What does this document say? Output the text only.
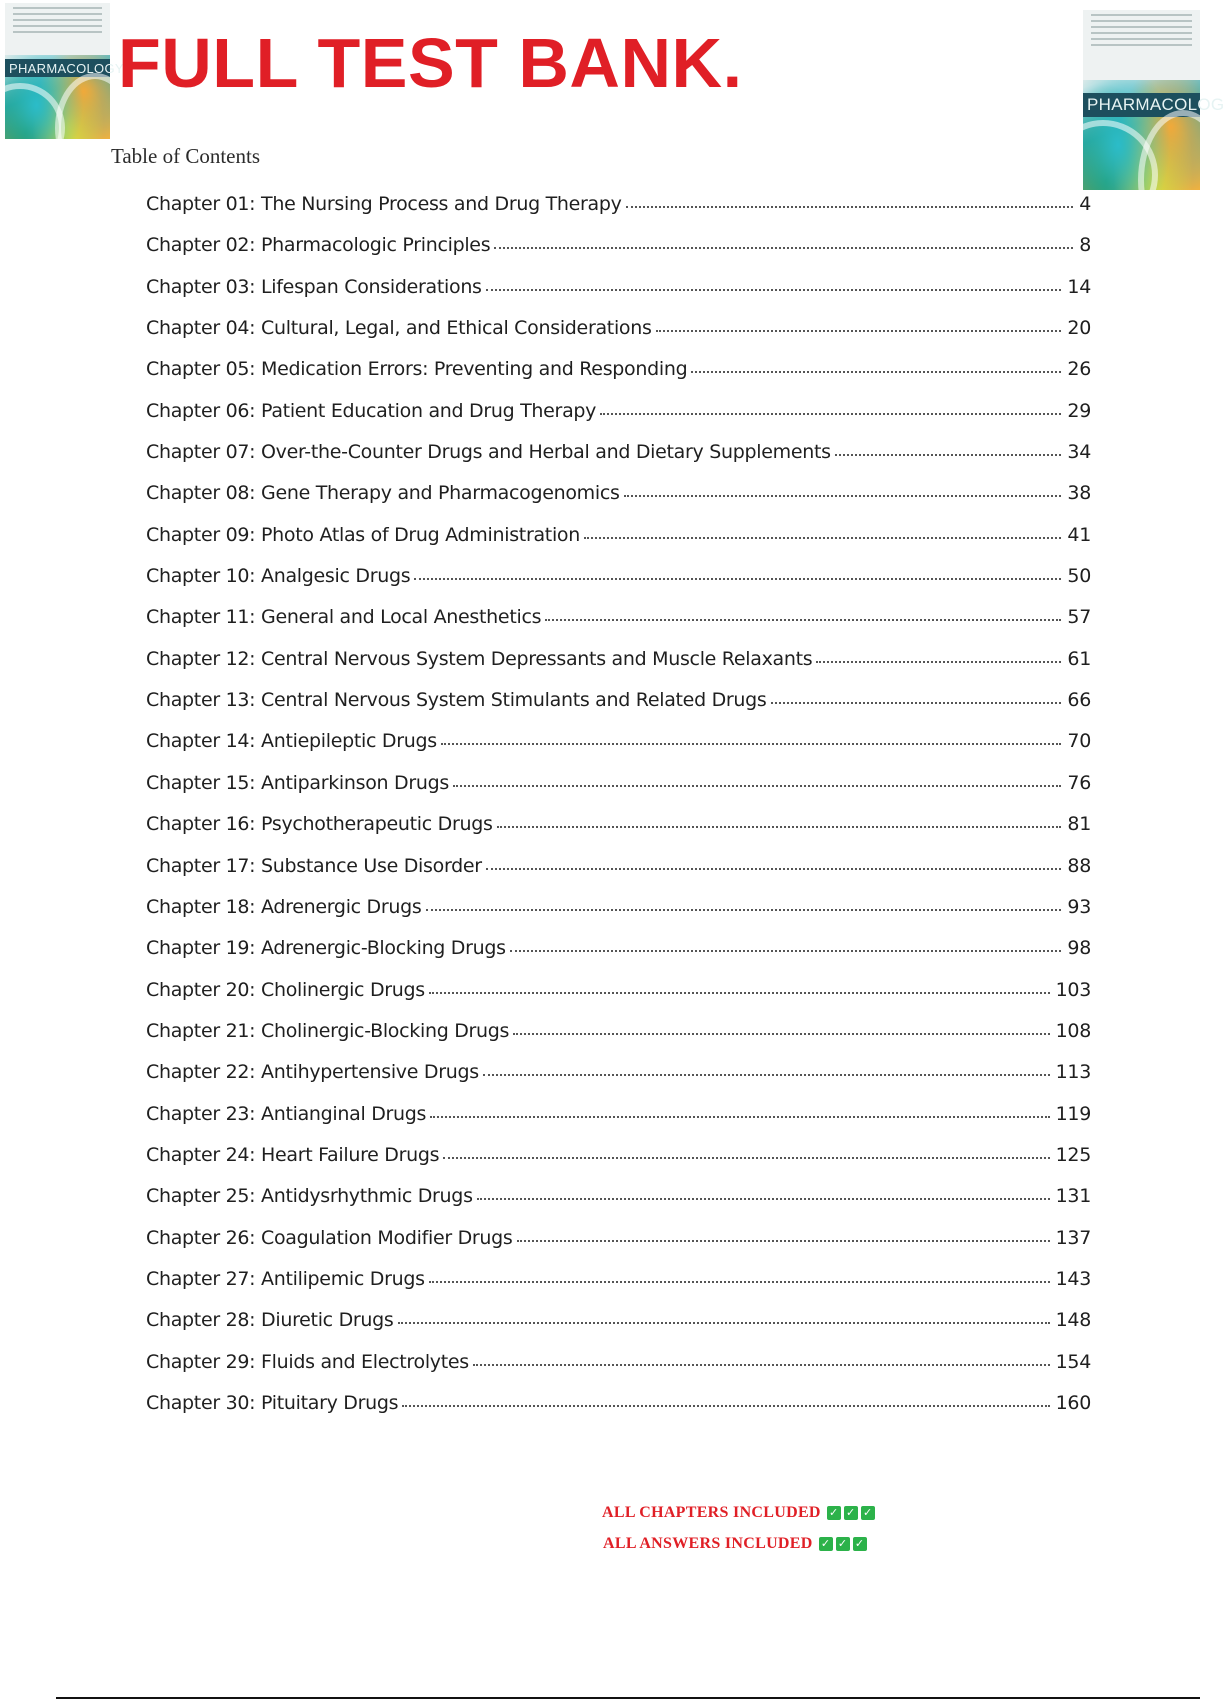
PHARMACOLOGY
PHARMACOLOG
FULL TEST BANK.
Table of Contents
Chapter 01: The Nursing Process and Drug Therapy	4
Chapter 02: Pharmacologic Principles	8
Chapter 03: Lifespan Considerations	14
Chapter 04: Cultural, Legal, and Ethical Considerations	20
Chapter 05: Medication Errors: Preventing and Responding	26
Chapter 06: Patient Education and Drug Therapy	29
Chapter 07: Over-the-Counter Drugs and Herbal and Dietary Supplements	34
Chapter 08: Gene Therapy and Pharmacogenomics	38
Chapter 09: Photo Atlas of Drug Administration	41
Chapter 10: Analgesic Drugs	50
Chapter 11: General and Local Anesthetics	57
Chapter 12: Central Nervous System Depressants and Muscle Relaxants	61
Chapter 13: Central Nervous System Stimulants and Related Drugs	66
Chapter 14: Antiepileptic Drugs	70
Chapter 15: Antiparkinson Drugs	76
Chapter 16: Psychotherapeutic Drugs	81
Chapter 17: Substance Use Disorder	88
Chapter 18: Adrenergic Drugs	93
Chapter 19: Adrenergic-Blocking Drugs	98
Chapter 20: Cholinergic Drugs	103
Chapter 21: Cholinergic-Blocking Drugs	108
Chapter 22: Antihypertensive Drugs	113
Chapter 23: Antianginal Drugs	119
Chapter 24: Heart Failure Drugs	125
Chapter 25: Antidysrhythmic Drugs	131
Chapter 26: Coagulation Modifier Drugs	137
Chapter 27: Antilipemic Drugs	143
Chapter 28: Diuretic Drugs	148
Chapter 29: Fluids and Electrolytes	154
Chapter 30: Pituitary Drugs	160
ALL CHAPTERS INCLUDED ✓ ✓ ✓
ALL ANSWERS INCLUDED ✓ ✓ ✓
